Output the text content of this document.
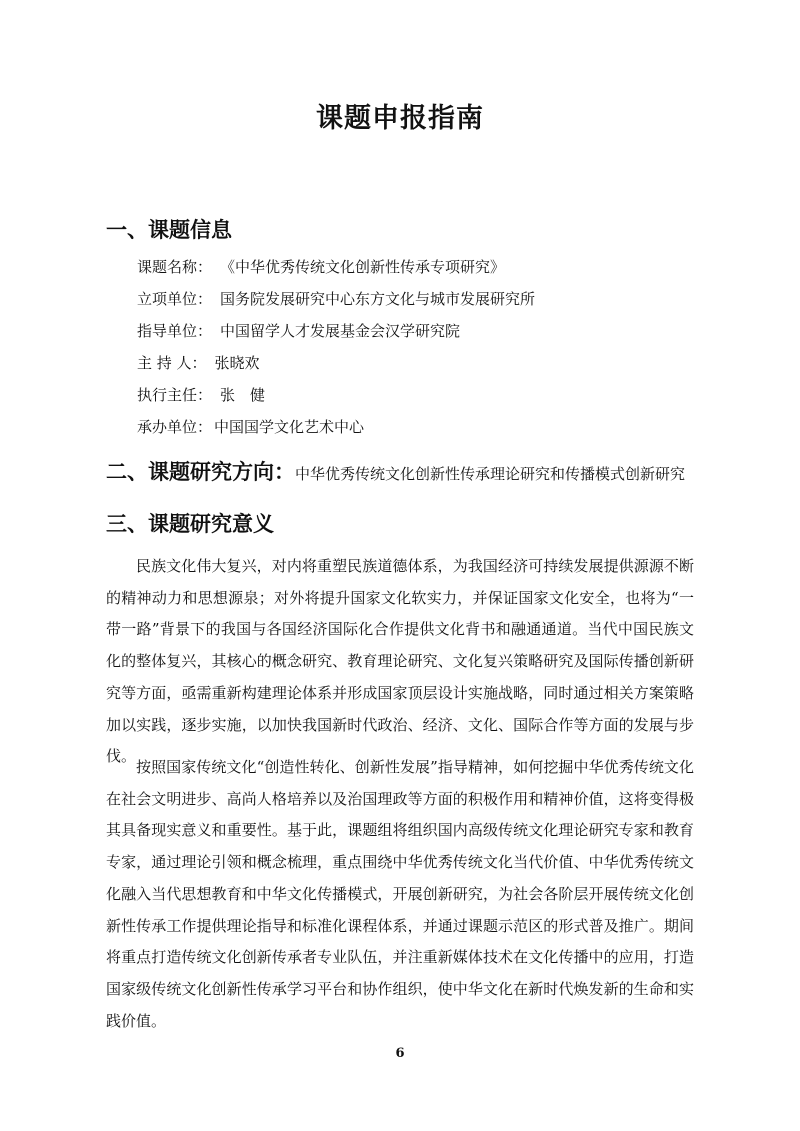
课题申报指南
一、课题信息
课题名称： 《中华优秀传统文化创新性传承专项研究》
立项单位： 国务院发展研究中心东方文化与城市发展研究所
指导单位： 中国留学人才发展基金会汉学研究院
主 持 人： 张晓欢
执行主任： 张　健
承办单位： 中国国学文化艺术中心
二、课题研究方向：中华优秀传统文化创新性传承理论研究和传播模式创新研究
三、课题研究意义

民族文化伟大复兴，对内将重塑民族道德体系，为我国经济可持续发展提供源源不断的精神动力和思想源泉；对外将提升国家文化软实力，并保证国家文化安全，也将为“一带一路”背景下的我国与各国经济国际化合作提供文化背书和融通通道。当代中国民族文化的整体复兴，其核心的概念研究、教育理论研究、文化复兴策略研究及国际传播创新研究等方面，亟需重新构建理论体系并形成国家顶层设计实施战略，同时通过相关方案策略加以实践，逐步实施，以加快我国新时代政治、经济、文化、国际合作等方面的发展与步伐。

按照国家传统文化“创造性转化、创新性发展”指导精神，如何挖掘中华优秀传统文化在社会文明进步、高尚人格培养以及治国理政等方面的积极作用和精神价值，这将变得极其具备现实意义和重要性。基于此，课题组将组织国内高级传统文化理论研究专家和教育专家，通过理论引领和概念梳理，重点围绕中华优秀传统文化当代价值、中华优秀传统文化融入当代思想教育和中华文化传播模式，开展创新研究，为社会各阶层开展传统文化创新性传承工作提供理论指导和标准化课程体系，并通过课题示范区的形式普及推广。期间将重点打造传统文化创新传承者专业队伍，并注重新媒体技术在文化传播中的应用，打造国家级传统文化创新性传承学习平台和协作组织，使中华文化在新时代焕发新的生命和实践价值。

6
